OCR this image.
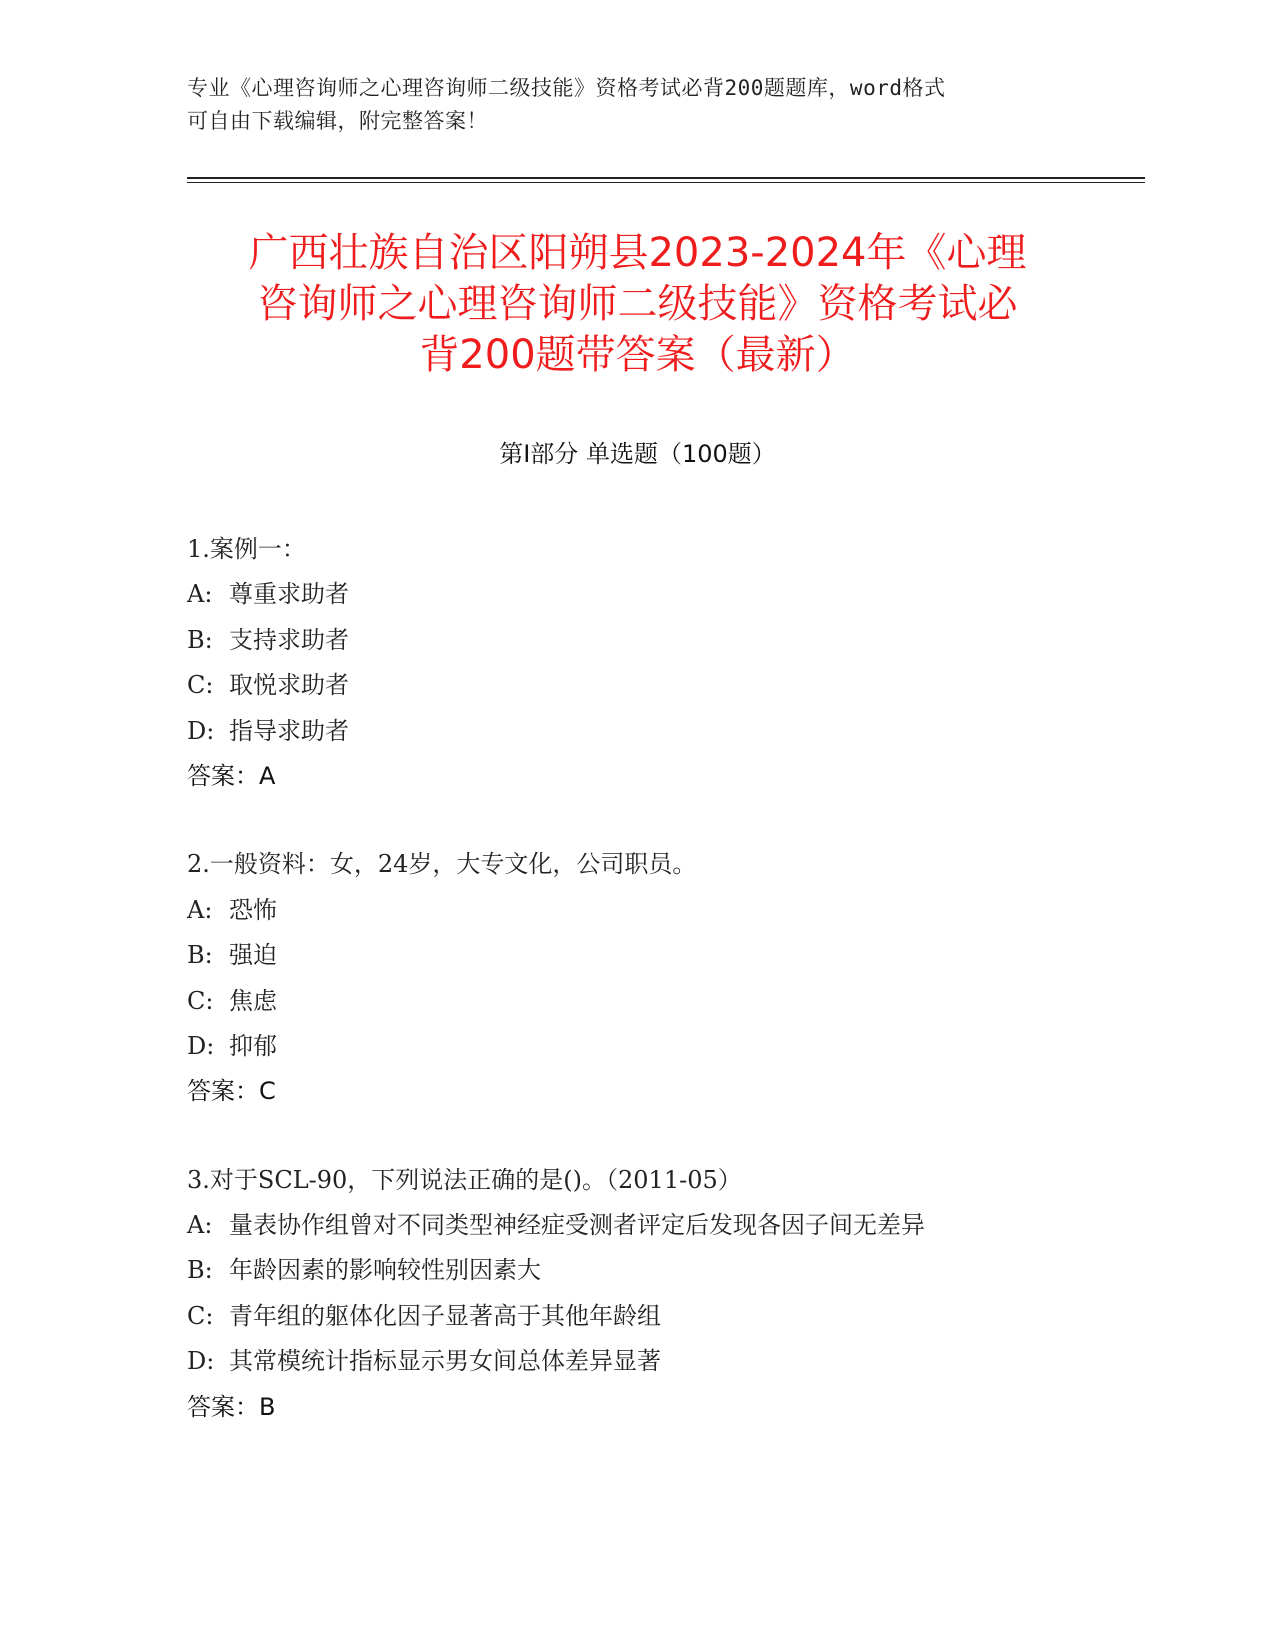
专业《心理咨询师之心理咨询师二级技能》资格考试必背200题题库，word格式
可自由下载编辑，附完整答案！
广西壮族自治区阳朔县2023-2024年《心理
咨询师之心理咨询师二级技能》资格考试必
背200题带答案（最新）
第Ⅰ部分 单选题（100题）
1.案例一：
A: 尊重求助者
B: 支持求助者
C: 取悦求助者
D: 指导求助者
答案：A
2.一般资料：女，24岁，大专文化，公司职员。
A: 恐怖
B: 强迫
C: 焦虑
D: 抑郁
答案：C
3.对于SCL-90，下列说法正确的是()。（2011-05）
A: 量表协作组曾对不同类型神经症受测者评定后发现各因子间无差异
B: 年龄因素的影响较性别因素大
C: 青年组的躯体化因子显著高于其他年龄组
D: 其常模统计指标显示男女间总体差异显著
答案：B
